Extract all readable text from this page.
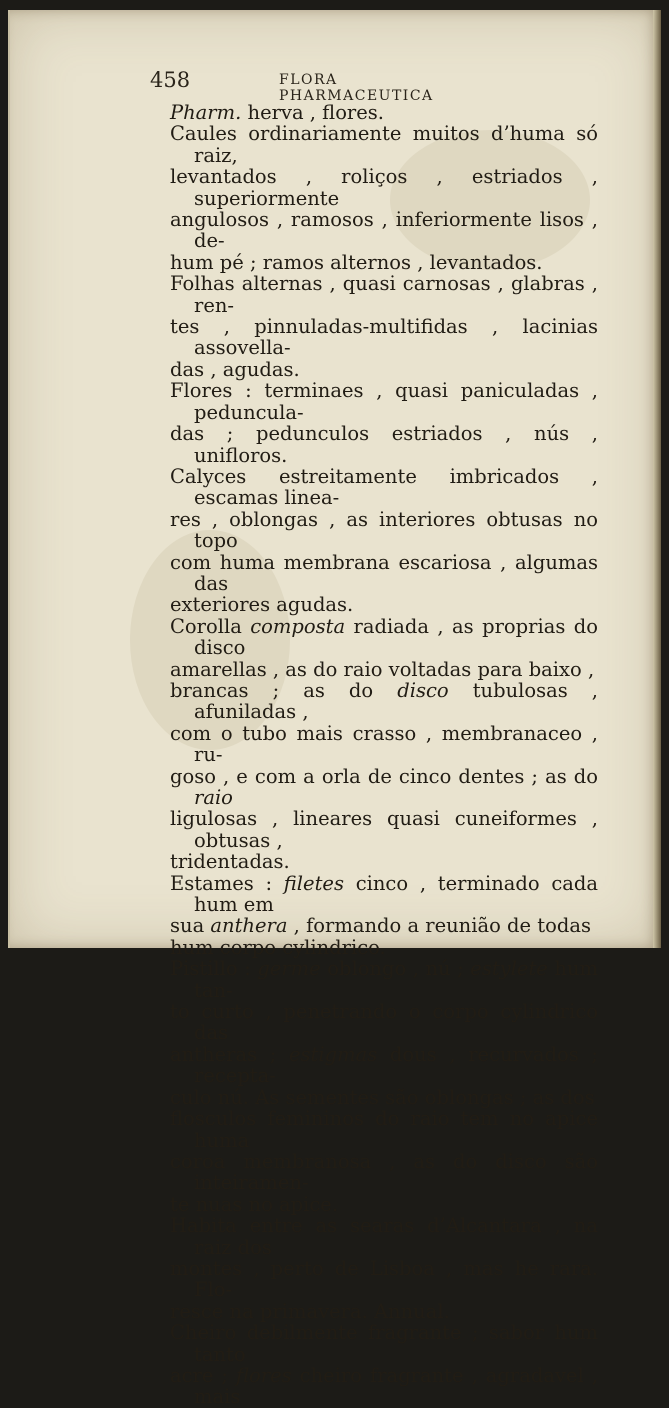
458	FLORA PHARMACEUTICA

Pharm. herva , flores.

Caules ordinariamente muitos d’huma só raiz,
levantados , roliços , estriados , superiormente
angulosos , ramosos , inferiormente lisos , de-
hum pé ; ramos alternos , levantados.

Folhas alternas , quasi carnosas , glabras , ren-
tes , pinnuladas-multifidas , lacinias assovella-
das , agudas.

Flores : terminaes , quasi paniculadas , peduncula-
das ; pedunculos estriados , nús , unifloros.

Calyces estreitamente imbricados , escamas linea-
res , oblongas , as interiores obtusas no topo
com huma membrana escariosa , algumas das
exteriores agudas.

Corolla composta radiada , as proprias do disco
amarellas , as do raio voltadas para baixo ,
brancas ; as do disco tubulosas , afuniladas ,
com o tubo mais crasso , membranaceo , ru-
goso , e com a orla de cinco dentes ; as do raio
ligulosas , lineares quasi cuneiformes , obtusas ,
tridentadas.

Estames : filetes cinco , terminado cada hum em
sua anthera , formando a reunião de todas
hum corpo cylindrico.

Pistillo : germe oblongo , nú ; estylete hum tan-
to curto , penetrando o corpo cylindrico das
antheras ; estigmas dous , recurvados ; recepta-
culo nú. As sementes são oblongas ; as dos
flosculos femininos do raio tem no apice huma
coroa membranosa , as do disco são inteiramen-
te nuas no apice.

Habita entre as searas d’Alcantara , na raiz dos
montes , perto de Lisboa , mas he rara. Flo-
resce na primavera. Annual.

Cheiro debilmente fragrante ; sabor hum tanto
acre ; flores cheiro fragrante , agradavel , mais
